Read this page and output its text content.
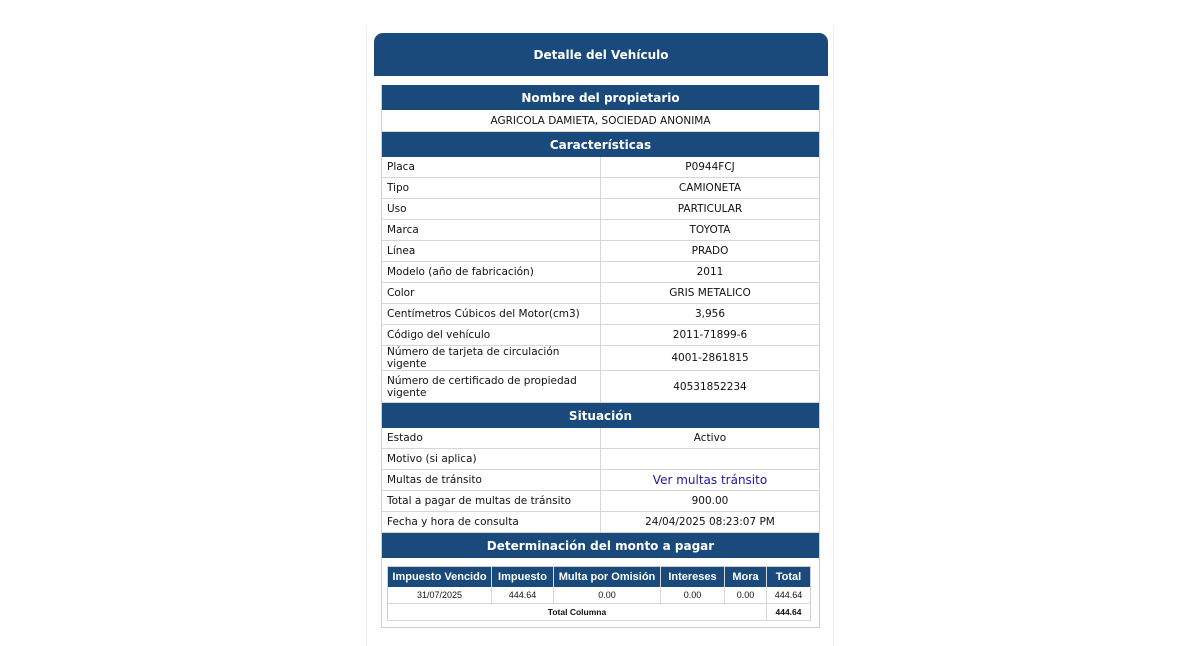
Detalle del Vehículo
Nombre del propietario
AGRICOLA DAMIETA, SOCIEDAD ANONIMA
Características
Placa	P0944FCJ
Tipo	CAMIONETA
Uso	PARTICULAR
Marca	TOYOTA
Línea	PRADO
Modelo (año de fabricación)	2011
Color	GRIS METALICO
Centímetros Cúbicos del Motor(cm3)	3,956
Código del vehículo	2011-71899-6
Número de tarjeta de circulación vigente	4001-2861815
Número de certificado de propiedad vigente	40531852234
Situación
Estado	Activo
Motivo (si aplica)	
Multas de tránsito	Ver multas tránsito
Total a pagar de multas de tránsito	900.00
Fecha y hora de consulta	24/04/2025 08:23:07 PM
Determinación del monto a pagar
Impuesto Vencido	Impuesto	Multa por Omisión	Intereses	Mora	Total
31/07/2025	444.64	0.00	0.00	0.00	444.64
Total Columna					444.64
